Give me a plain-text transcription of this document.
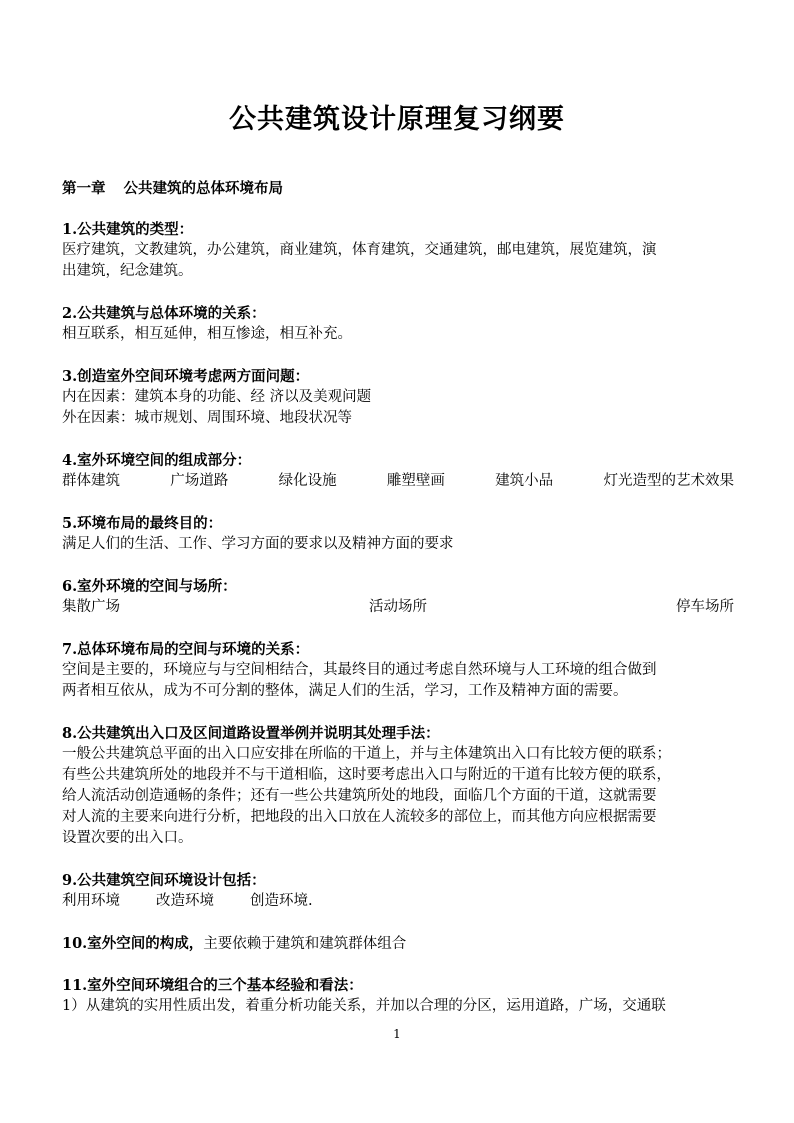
公共建筑设计原理复习纲要
第一章 公共建筑的总体环境布局
1.公共建筑的类型：
医疗建筑，文教建筑，办公建筑，商业建筑，体育建筑，交通建筑，邮电建筑，展览建筑，演
出建筑，纪念建筑。
2.公共建筑与总体环境的关系：
相互联系，相互延伸，相互惨途，相互补充。
3.创造室外空间环境考虑两方面问题：
内在因素：建筑本身的功能、经 济以及美观问题
外在因素：城市规划、周围环境、地段状况等
4.室外环境空间的组成部分：
群体建筑	广场道路	绿化设施	雕塑壁画	建筑小品	灯光造型的艺术效果
5.环境布局的最终目的：
满足人们的生活、工作、学习方面的要求以及精神方面的要求
6.室外环境的空间与场所：
集散广场	活动场所	停车场所
7.总体环境布局的空间与环境的关系：
空间是主要的，环境应与与空间相结合，其最终目的通过考虑自然环境与人工环境的组合做到
两者相互依从，成为不可分割的整体，满足人们的生活，学习，工作及精神方面的需要。
8.公共建筑出入口及区间道路设置举例并说明其处理手法：
一般公共建筑总平面的出入口应安排在所临的干道上，并与主体建筑出入口有比较方便的联系；
有些公共建筑所处的地段并不与干道相临，这时要考虑出入口与附近的干道有比较方便的联系，
给人流活动创造通畅的条件；还有一些公共建筑所处的地段，面临几个方面的干道，这就需要
对人流的主要来向进行分析，把地段的出入口放在人流较多的部位上，而其他方向应根据需要
设置次要的出入口。
9.公共建筑空间环境设计包括：
利用环境 改造环境 创造环境.
10.室外空间的构成，主要依赖于建筑和建筑群体组合
11.室外空间环境组合的三个基本经验和看法：
1）从建筑的实用性质出发，着重分析功能关系，并加以合理的分区，运用道路，广场，交通联
1
